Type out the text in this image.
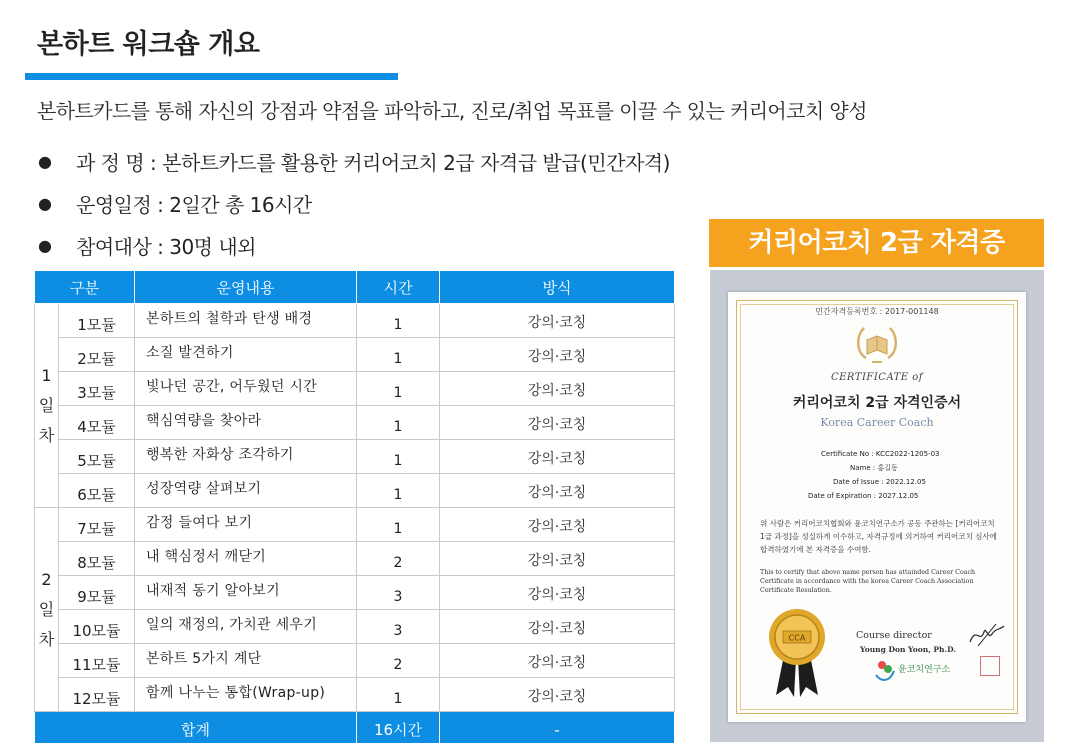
본하트 워크숍 개요
본하트카드를 통해 자신의 강점과 약점을 파악하고, 진로/취업 목표를 이끌 수 있는 커리어코치 양성
●	과 정 명 : 본하트카드를 활용한 커리어코치 2급 자격급 발급(민간자격)
●	운영일정 : 2일간 총 16시간
●	참여대상 : 30명 내외
구분		운영내용	시간	방식
1
일
차	1모듈	본하트의 철학과 탄생 배경	1	강의·코칭
	2모듈	소질 발견하기	1	강의·코칭
	3모듈	빛나던 공간, 어두웠던 시간	1	강의·코칭
	4모듈	핵심역량을 찾아라	1	강의·코칭
	5모듈	행복한 자화상 조각하기	1	강의·코칭
	6모듈	성장역량 살펴보기	1	강의·코칭
2
일
차	7모듈	감정 들여다 보기	1	강의·코칭
	8모듈	내 핵심정서 깨닫기	2	강의·코칭
	9모듈	내재적 동기 알아보기	3	강의·코칭
	10모듈	일의 재정의, 가치관 세우기	3	강의·코칭
	11모듈	본하트 5가지 계단	2	강의·코칭
	12모듈	함께 나누는 통합(Wrap-up)	1	강의·코칭
합계			16시간	-
커리어코치 2급 자격증
민간자격등록번호 : 2017-001148
CERTIFICATE of
커리어코치 2급 자격인증서
Korea Career Coach
Certificate No : KCC2022-1205-03
Name : 홍길동
Date of Issue : 2022.12.05
Date of Expiration : 2027.12.05
위 사람은 커리어코치협회와 윤코치연구소가 공동 주관하는 [커리어코치 1급 과정]을 성실하게 이수하고, 자격규정에 의거하여 커리어코치 심사에 합격하였기에 본 자격증을 수여함.
This to certify that above name person has attainded Career Coach Certificate in accordance with the korea Career Coach Association Certificate Resulation.
CCA	Course director
Young Don Yoon, Ph.D.
윤코치연구소
